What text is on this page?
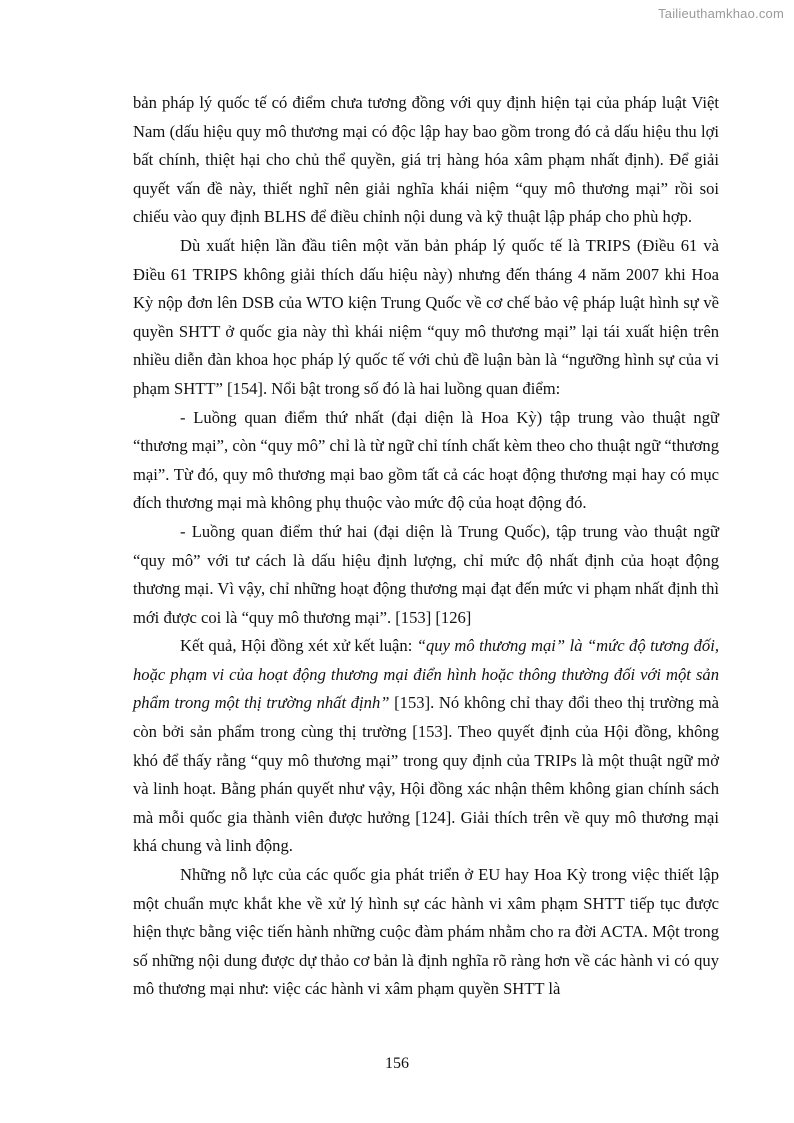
Tailieuthamkhao.com

bản pháp lý quốc tế có điểm chưa tương đồng với quy định hiện tại của pháp luật Việt Nam (dấu hiệu quy mô thương mại có độc lập hay bao gồm trong đó cả dấu hiệu thu lợi bất chính, thiệt hại cho chủ thể quyền, giá trị hàng hóa xâm phạm nhất định). Để giải quyết vấn đề này, thiết nghĩ nên giải nghĩa khái niệm “quy mô thương mại” rồi soi chiếu vào quy định BLHS để điều chỉnh nội dung và kỹ thuật lập pháp cho phù hợp.

Dù xuất hiện lần đầu tiên một văn bản pháp lý quốc tế là TRIPS (Điều 61 và Điều 61 TRIPS không giải thích dấu hiệu này) nhưng đến tháng 4 năm 2007 khi Hoa Kỳ nộp đơn lên DSB của WTO kiện Trung Quốc về cơ chế bảo vệ pháp luật hình sự về quyền SHTT ở quốc gia này thì khái niệm “quy mô thương mại” lại tái xuất hiện trên nhiều diễn đàn khoa học pháp lý quốc tế với chủ đề luận bàn là “ngưỡng hình sự của vi phạm SHTT” [154]. Nổi bật trong số đó là hai luồng quan điểm:

- Luồng quan điểm thứ nhất (đại diện là Hoa Kỳ) tập trung vào thuật ngữ “thương mại”, còn “quy mô” chỉ là từ ngữ chỉ tính chất kèm theo cho thuật ngữ “thương mại”. Từ đó, quy mô thương mại bao gồm tất cả các hoạt động thương mại hay có mục đích thương mại mà không phụ thuộc vào mức độ của hoạt động đó.

- Luồng quan điểm thứ hai (đại diện là Trung Quốc), tập trung vào thuật ngữ “quy mô” với tư cách là dấu hiệu định lượng, chỉ mức độ nhất định của hoạt động thương mại. Vì vậy, chỉ những hoạt động thương mại đạt đến mức vi phạm nhất định thì mới được coi là “quy mô thương mại”. [153] [126]

Kết quả, Hội đồng xét xử kết luận: “quy mô thương mại” là “mức độ tương đối, hoặc phạm vi của hoạt động thương mại điển hình hoặc thông thường đối với một sản phẩm trong một thị trường nhất định” [153]. Nó không chỉ thay đổi theo thị trường mà còn bởi sản phẩm trong cùng thị trường [153]. Theo quyết định của Hội đồng, không khó để thấy rằng “quy mô thương mại” trong quy định của TRIPs là một thuật ngữ mở và linh hoạt. Bằng phán quyết như vậy, Hội đồng xác nhận thêm không gian chính sách mà mỗi quốc gia thành viên được hưởng [124]. Giải thích trên về quy mô thương mại khá chung và linh động.

Những nỗ lực của các quốc gia phát triển ở EU hay Hoa Kỳ trong việc thiết lập một chuẩn mực khắt khe về xử lý hình sự các hành vi xâm phạm SHTT tiếp tục được hiện thực bằng việc tiến hành những cuộc đàm phám nhằm cho ra đời ACTA. Một trong số những nội dung được dự thảo cơ bản là định nghĩa rõ ràng hơn về các hành vi có quy mô thương mại như: việc các hành vi xâm phạm quyền SHTT là

156
